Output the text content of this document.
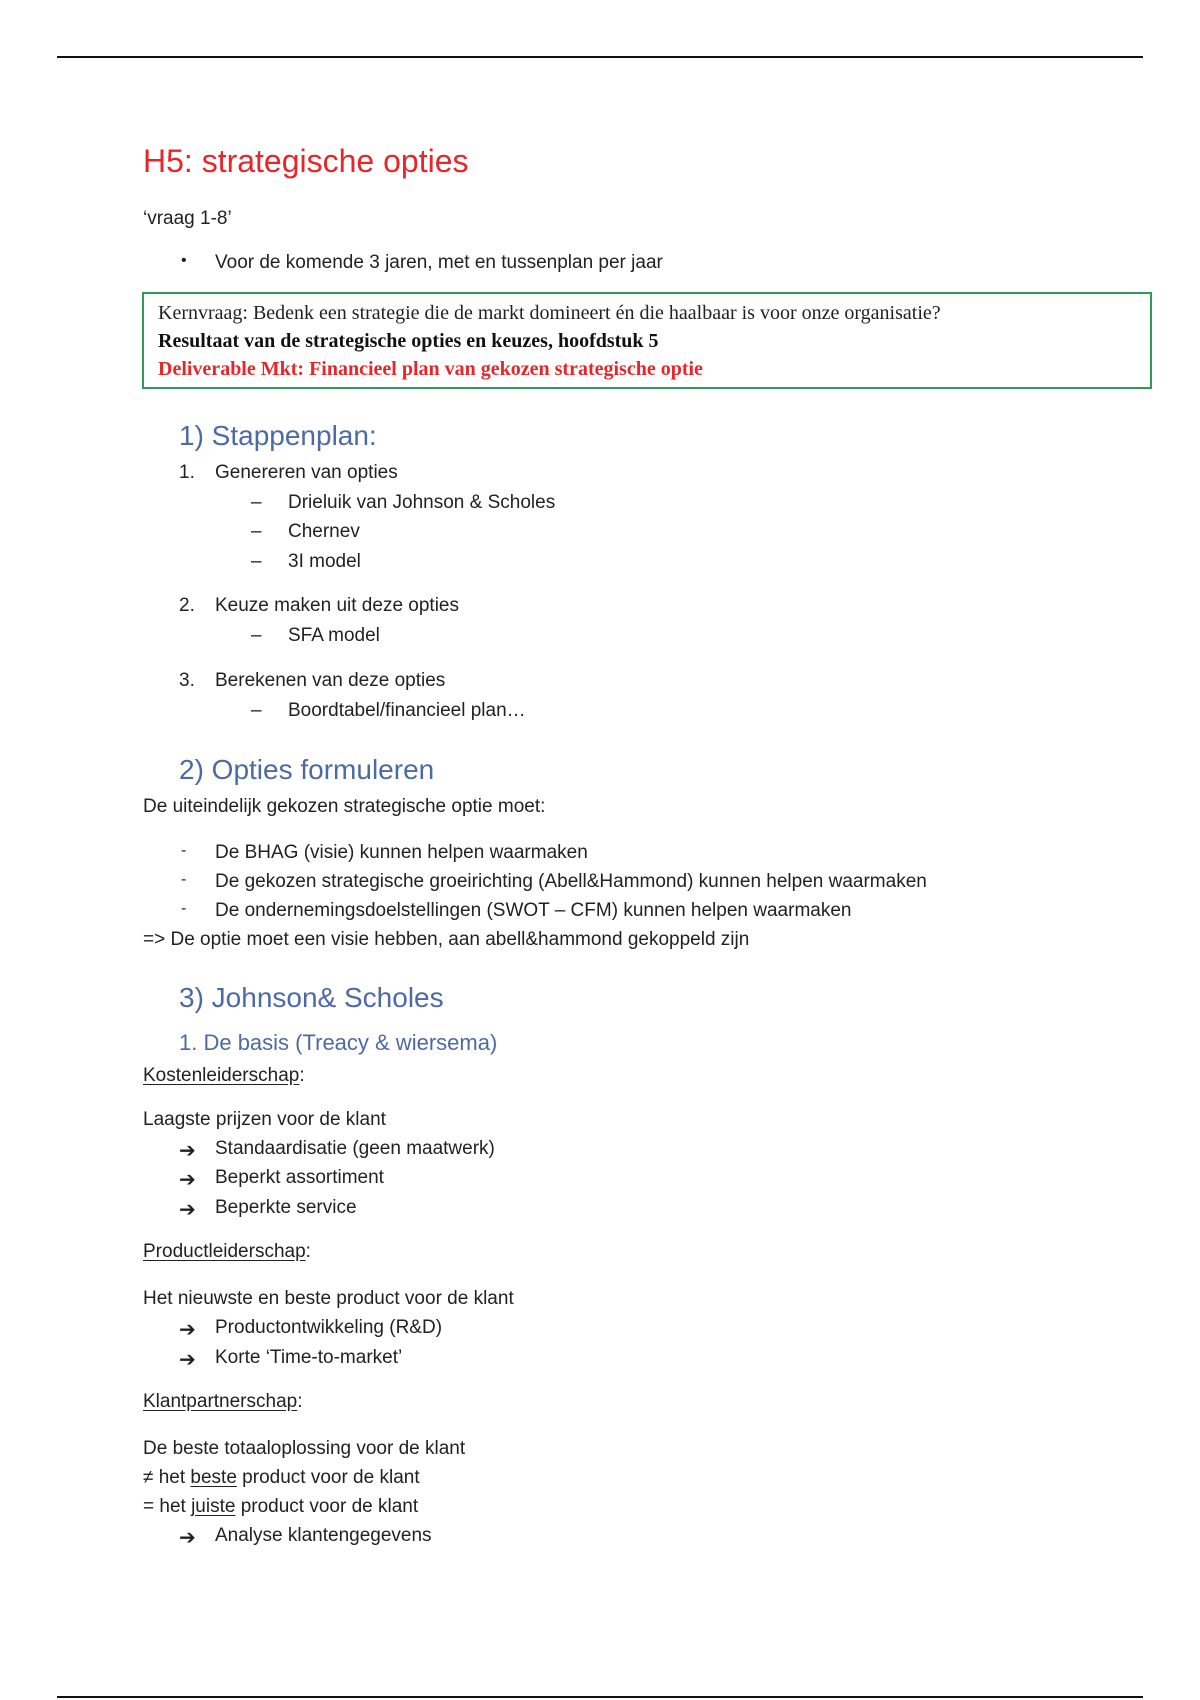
H5: strategische opties
‘vraag 1-8’
• Voor de komende 3 jaren, met en tussenplan per jaar
Kernvraag: Bedenk een strategie die de markt domineert én die haalbaar is voor onze organisatie?
Resultaat van de strategische opties en keuzes, hoofdstuk 5
Deliverable Mkt: Financieel plan van gekozen strategische optie
1) Stappenplan:
1. Genereren van opties
– Drieluik van Johnson & Scholes
– Chernev
– 3I model
2. Keuze maken uit deze opties
– SFA model
3. Berekenen van deze opties
– Boordtabel/financieel plan…
2) Opties formuleren
De uiteindelijk gekozen strategische optie moet:
- De BHAG (visie) kunnen helpen waarmaken
- De gekozen strategische groeirichting (Abell&Hammond) kunnen helpen waarmaken
- De ondernemingsdoelstellingen (SWOT – CFM) kunnen helpen waarmaken
=> De optie moet een visie hebben, aan abell&hammond gekoppeld zijn
3) Johnson& Scholes
1. De basis (Treacy & wiersema)
Kostenleiderschap:
Laagste prijzen voor de klant
➔ Standaardisatie (geen maatwerk)
➔ Beperkt assortiment
➔ Beperkte service
Productleiderschap:
Het nieuwste en beste product voor de klant
➔ Productontwikkeling (R&D)
➔ Korte ‘Time-to-market’
Klantpartnerschap:
De beste totaaloplossing voor de klant
≠ het beste product voor de klant
= het juiste product voor de klant
➔ Analyse klantengegevens
